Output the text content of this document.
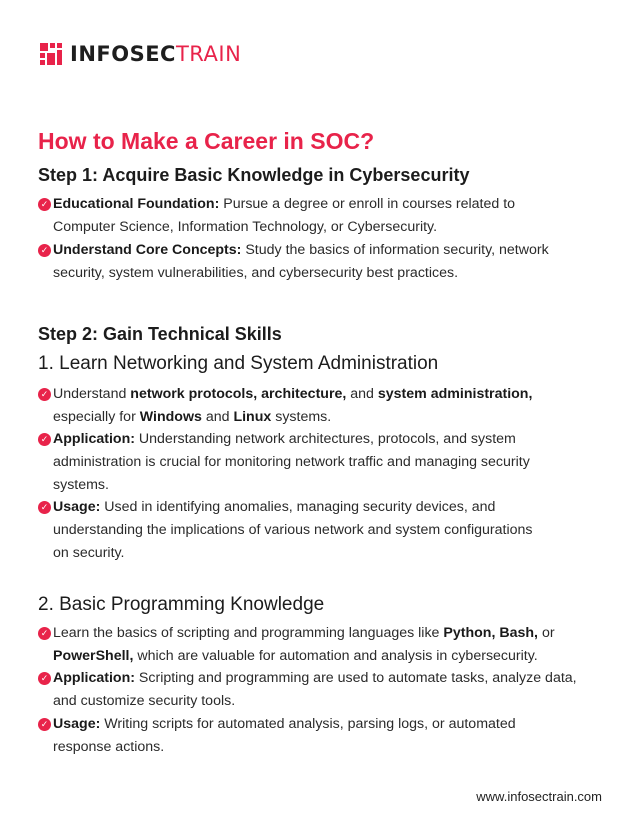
INFOSECTRAIN
How to Make a Career in SOC?
Step 1: Acquire Basic Knowledge in Cybersecurity
✓ Educational Foundation: Pursue a degree or enroll in courses related to
Computer Science, Information Technology, or Cybersecurity.
✓ Understand Core Concepts: Study the basics of information security, network
security, system vulnerabilities, and cybersecurity best practices.
Step 2: Gain Technical Skills
1. Learn Networking and System Administration
✓ Understand network protocols, architecture, and system administration,
especially for Windows and Linux systems.
✓ Application: Understanding network architectures, protocols, and system
administration is crucial for monitoring network traffic and managing security
systems.
✓ Usage: Used in identifying anomalies, managing security devices, and
understanding the implications of various network and system configurations
on security.
2. Basic Programming Knowledge
✓ Learn the basics of scripting and programming languages like Python, Bash, or
PowerShell, which are valuable for automation and analysis in cybersecurity.
✓ Application: Scripting and programming are used to automate tasks, analyze data,
and customize security tools.
✓ Usage: Writing scripts for automated analysis, parsing logs, or automated
response actions.
www.infosectrain.com
